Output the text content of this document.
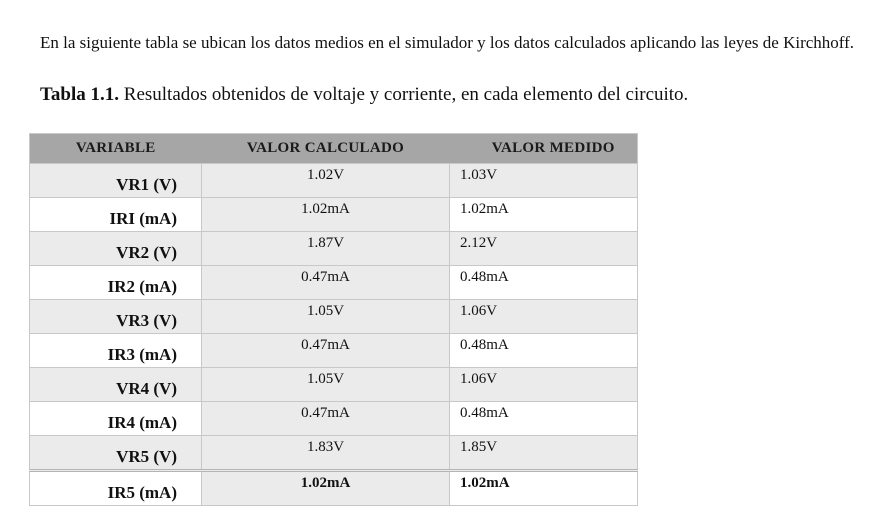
En la siguiente tabla se ubican los datos medios en el simulador y los datos calculados aplicando las leyes de Kirchhoff.

Tabla 1.1. Resultados obtenidos de voltaje y corriente, en cada elemento del circuito.
VARIABLE	VALOR CALCULADO	VALOR MEDIDO
VR1 (V)	1.02V	1.03V
IRI (mA)	1.02mA	1.02mA
VR2 (V)	1.87V	2.12V
IR2 (mA)	0.47mA	0.48mA
VR3 (V)	1.05V	1.06V
IR3 (mA)	0.47mA	0.48mA
VR4 (V)	1.05V	1.06V
IR4 (mA)	0.47mA	0.48mA
VR5 (V)	1.83V	1.85V
IR5 (mA)	1.02mA	1.02mA
